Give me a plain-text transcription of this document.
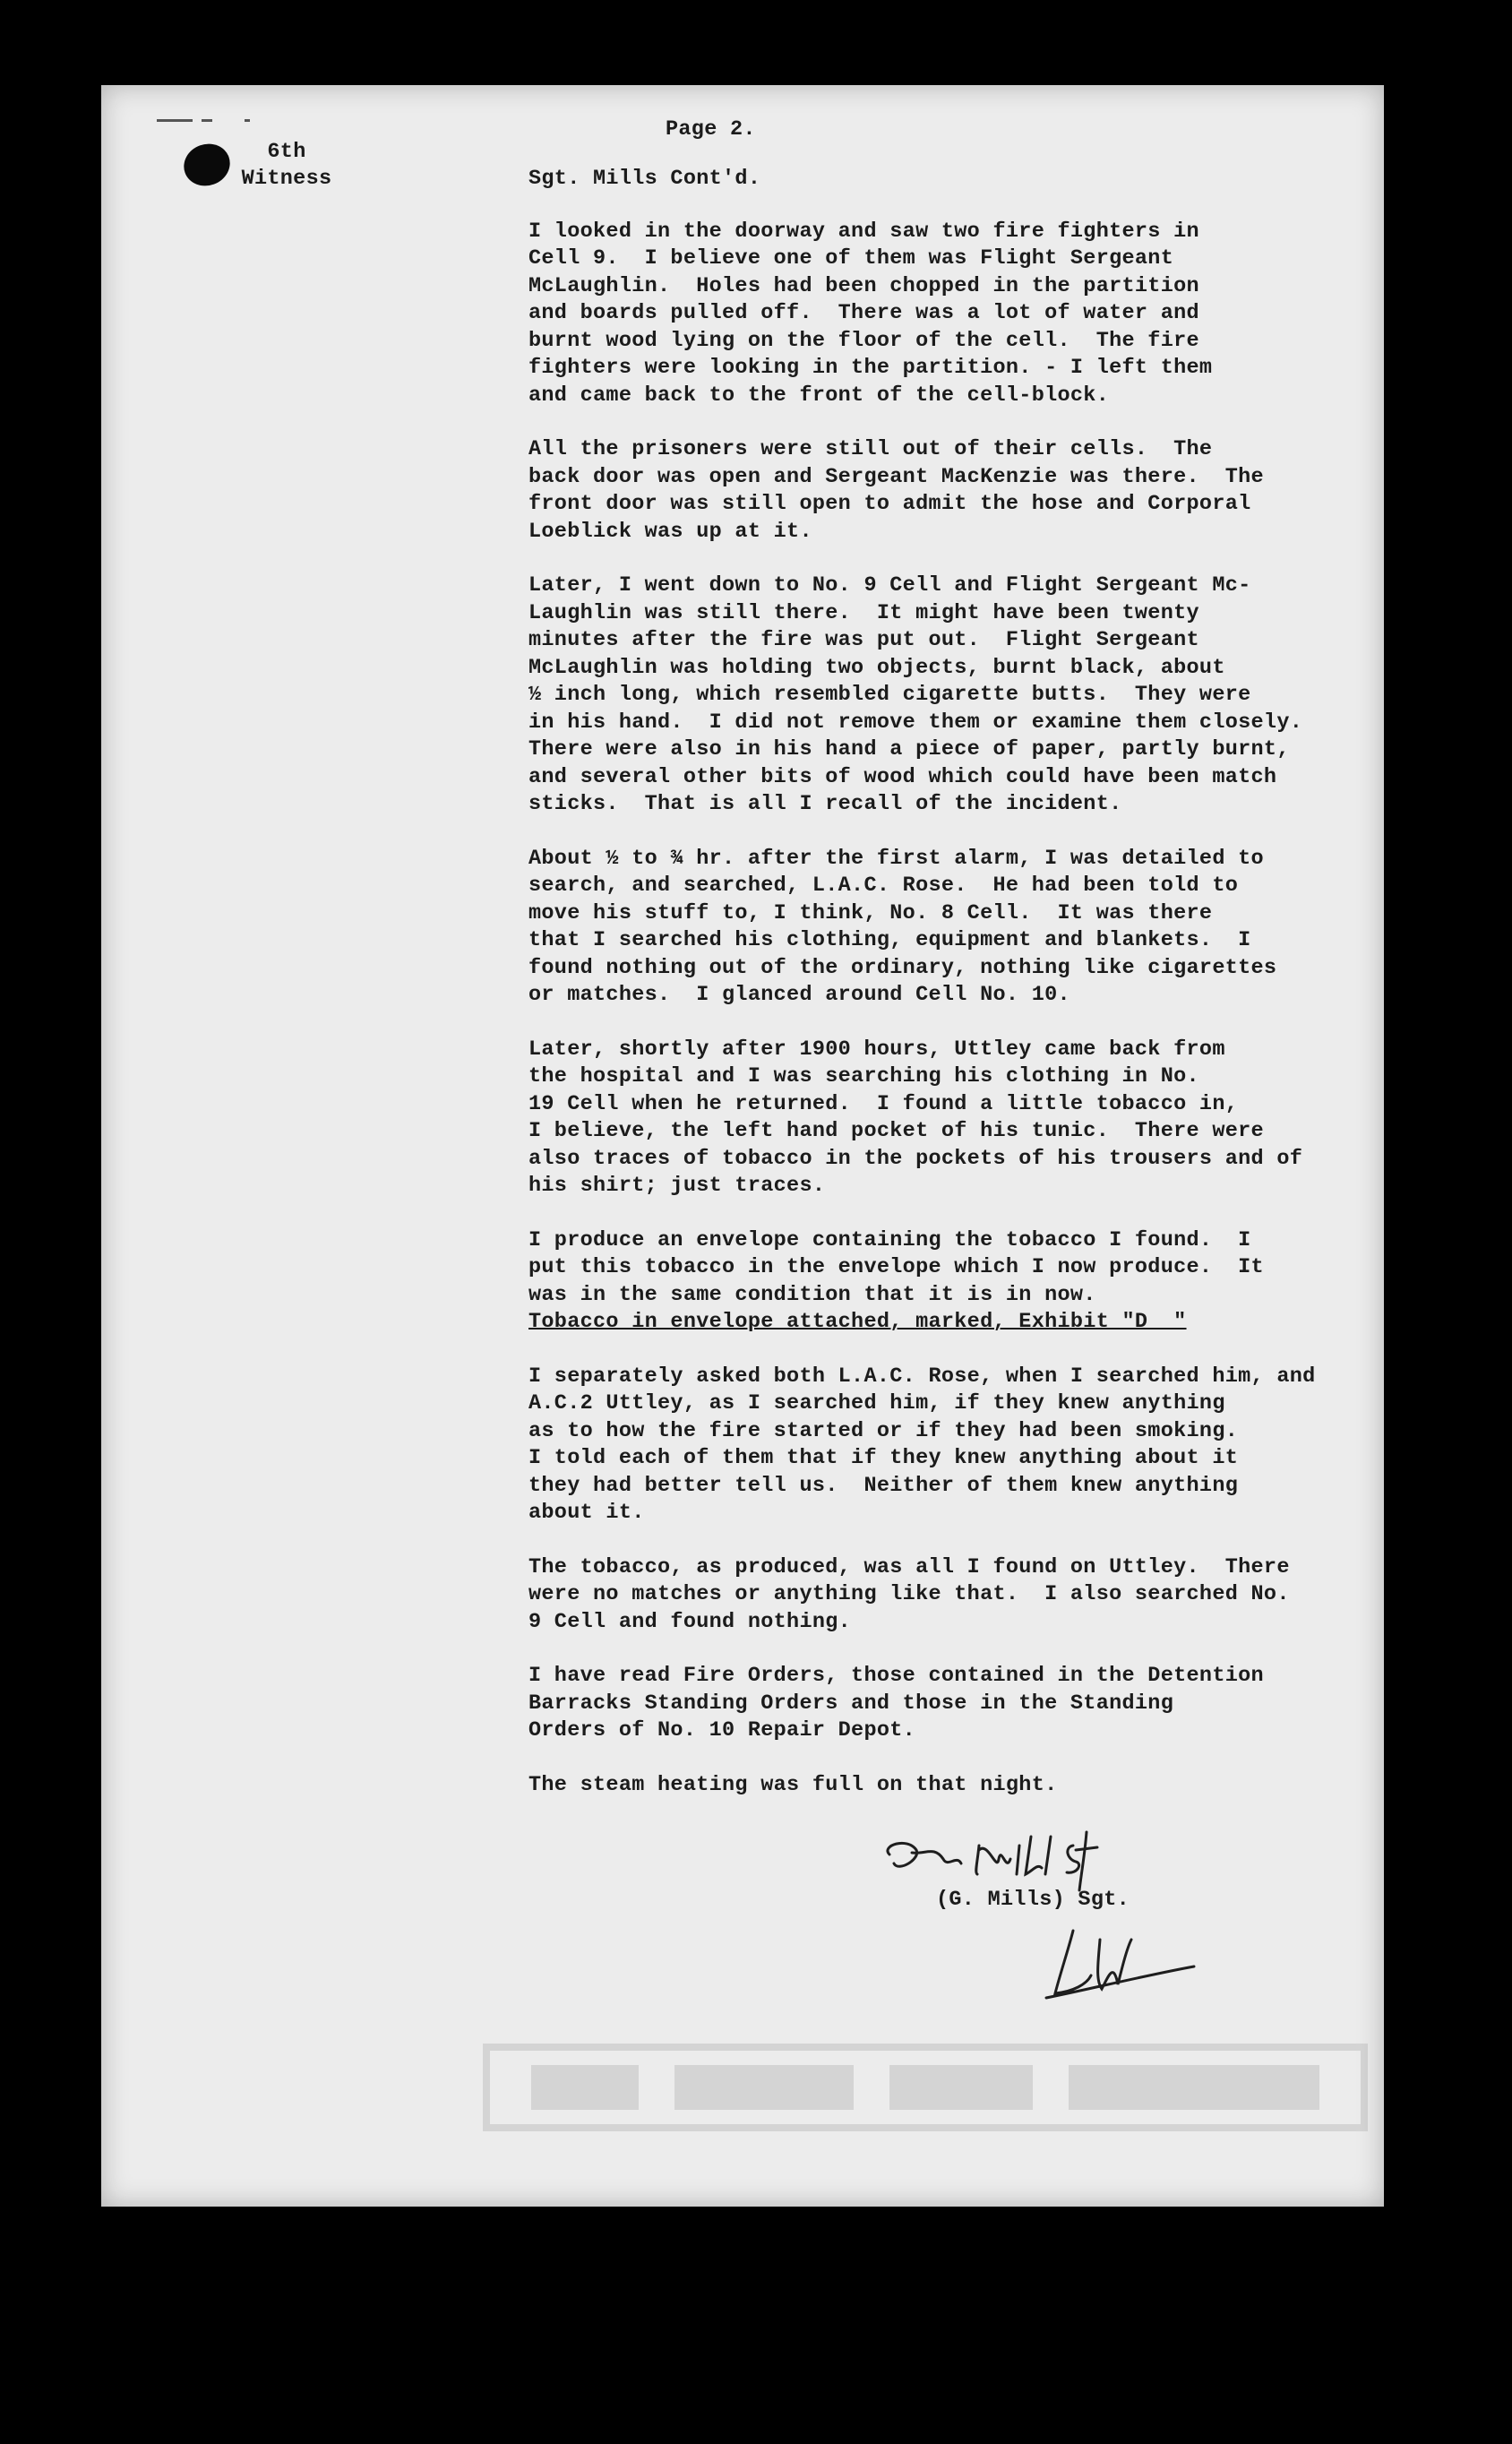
Page 2.
6th
Witness	Sgt. Mills Cont'd.
I looked in the doorway and saw two fire fighters in
Cell 9.  I believe one of them was Flight Sergeant
McLaughlin.  Holes had been chopped in the partition
and boards pulled off.  There was a lot of water and
burnt wood lying on the floor of the cell.  The fire
fighters were looking in the partition. - I left them
and came back to the front of the cell-block.
All the prisoners were still out of their cells.  The
back door was open and Sergeant MacKenzie was there.  The
front door was still open to admit the hose and Corporal
Loeblick was up at it.
Later, I went down to No. 9 Cell and Flight Sergeant Mc-
Laughlin was still there.  It might have been twenty
minutes after the fire was put out.  Flight Sergeant
McLaughlin was holding two objects, burnt black, about
½ inch long, which resembled cigarette butts.  They were
in his hand.  I did not remove them or examine them closely.
There were also in his hand a piece of paper, partly burnt,
and several other bits of wood which could have been match
sticks.  That is all I recall of the incident.
About ½ to ¾ hr. after the first alarm, I was detailed to
search, and searched, L.A.C. Rose.  He had been told to
move his stuff to, I think, No. 8 Cell.  It was there
that I searched his clothing, equipment and blankets.  I
found nothing out of the ordinary, nothing like cigarettes
or matches.  I glanced around Cell No. 10.
Later, shortly after 1900 hours, Uttley came back from
the hospital and I was searching his clothing in No.
19 Cell when he returned.  I found a little tobacco in,
I believe, the left hand pocket of his tunic.  There were
also traces of tobacco in the pockets of his trousers and of
his shirt; just traces.
I produce an envelope containing the tobacco I found.  I
put this tobacco in the envelope which I now produce.  It
was in the same condition that it is in now.
Tobacco in envelope attached, marked, Exhibit "D  "
I separately asked both L.A.C. Rose, when I searched him, and
A.C.2 Uttley, as I searched him, if they knew anything
as to how the fire started or if they had been smoking.
I told each of them that if they knew anything about it
they had better tell us.  Neither of them knew anything
about it.
The tobacco, as produced, was all I found on Uttley.  There
were no matches or anything like that.  I also searched No.
9 Cell and found nothing.
I have read Fire Orders, those contained in the Detention
Barracks Standing Orders and those in the Standing
Orders of No. 10 Repair Depot.
The steam heating was full on that night.
(G. Mills) Sgt.
